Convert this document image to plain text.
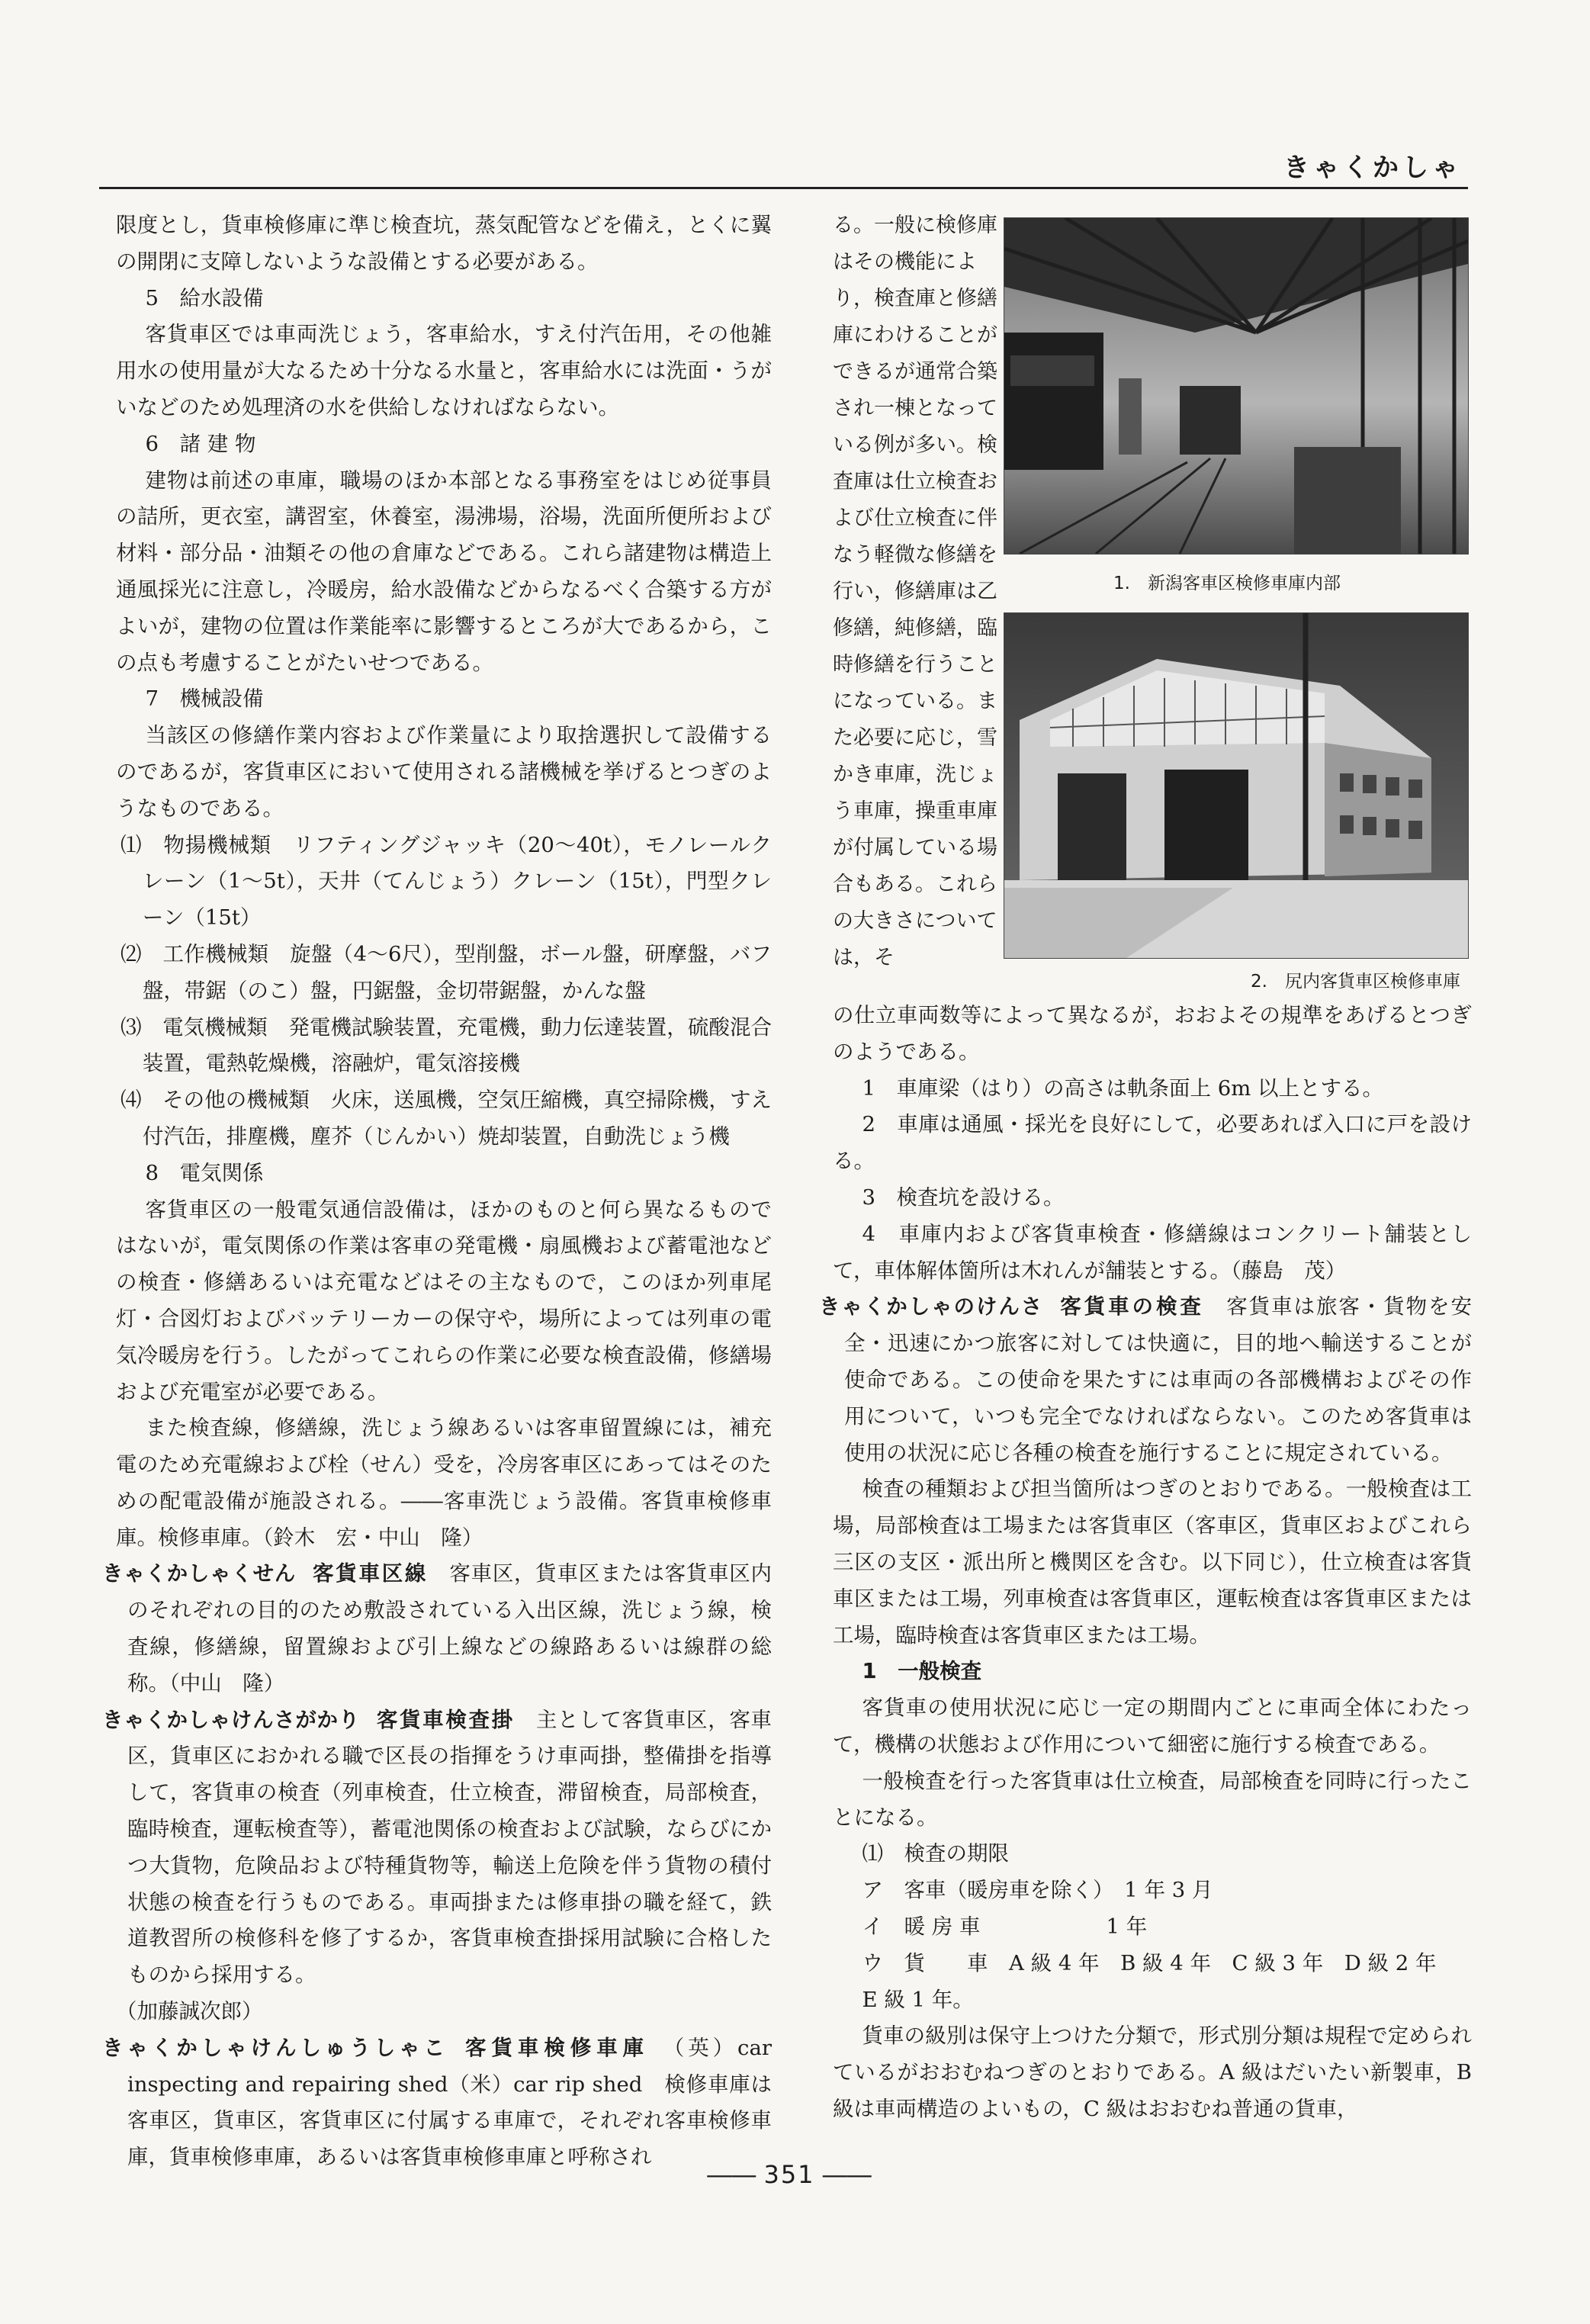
きゃくかしゃ

限度とし，貨車検修庫に準じ検査坑，蒸気配管などを備え，とくに翼の開閉に支障しないような設備とする必要がある。

5　給水設備

客貨車区では車両洗じょう，客車給水，すえ付汽缶用，その他雑用水の使用量が大なるため十分なる水量と，客車給水には洗面・うがいなどのため処理済の水を供給しなければならない。

6　諸 建 物

建物は前述の車庫，職場のほか本部となる事務室をはじめ従事員の詰所，更衣室，講習室，休養室，湯沸場，浴場，洗面所便所および材料・部分品・油類その他の倉庫などである。これら諸建物は構造上通風採光に注意し，冷暖房，給水設備などからなるべく合築する方がよいが，建物の位置は作業能率に影響するところが大であるから，この点も考慮することがたいせつである。

7　機械設備

当該区の修繕作業内容および作業量により取捨選択して設備するのであるが，客貨車区において使用される諸機械を挙げるとつぎのようなものである。

⑴　物揚機械類　リフティングジャッキ（20～40t），モノレールクレーン（1～5t），天井（てんじょう）クレーン（15t），門型クレーン（15t）

⑵　工作機械類　旋盤（4～6尺），型削盤，ボール盤，研摩盤，バフ盤，帯鋸（のこ）盤，円鋸盤，金切帯鋸盤，かんな盤

⑶　電気機械類　発電機試験装置，充電機，動力伝達装置，硫酸混合装置，電熱乾燥機，溶融炉，電気溶接機

⑷　その他の機械類　火床，送風機，空気圧縮機，真空掃除機，すえ付汽缶，排塵機，塵芥（じんかい）焼却装置，自動洗じょう機

8　電気関係

客貨車区の一般電気通信設備は，ほかのものと何ら異なるものではないが，電気関係の作業は客車の発電機・扇風機および蓄電池などの検査・修繕あるいは充電などはその主なもので，このほか列車尾灯・合図灯およびバッテリーカーの保守や，場所によっては列車の電気冷暖房を行う。したがってこれらの作業に必要な検査設備，修繕場および充電室が必要である。

また検査線，修繕線，洗じょう線あるいは客車留置線には，補充電のため充電線および栓（せん）受を，冷房客車区にあってはそのための配電設備が施設される。――客車洗じょう設備。客貨車検修車庫。検修車庫。（鈴木　宏・中山　隆）

きゃくかしゃくせん 客貨車区線　客車区，貨車区または客貨車区内のそれぞれの目的のため敷設されている入出区線，洗じょう線，検査線，修繕線，留置線および引上線などの線路あるいは線群の総称。（中山　隆）

きゃくかしゃけんさがかり 客貨車検査掛　主として客貨車区，客車区，貨車区におかれる職で区長の指揮をうけ車両掛，整備掛を指導して，客貨車の検査（列車検査，仕立検査，滞留検査，局部検査，臨時検査，運転検査等），蓄電池関係の検査および試験，ならびにかつ大貨物，危険品および特種貨物等，輸送上危険を伴う貨物の積付状態の検査を行うものである。車両掛または修車掛の職を経て，鉄道教習所の検修科を修了するか，客貨車検査掛採用試験に合格したものから採用する。

（加藤誠次郎）

きゃくかしゃけんしゅうしゃこ 客貨車検修車庫　（英）car inspecting and repairing shed（米）car rip shed　検修車庫は客車区，貨車区，客貨車区に付属する車庫で，それぞれ客車検修車庫，貨車検修車庫，あるいは客貨車検修車庫と呼称され

る。一般に検修庫はその機能により，検査庫と修繕庫にわけることができるが通常合築され一棟となっている例が多い。検査庫は仕立検査および仕立検査に伴なう軽微な修繕を行い，修繕庫は乙修繕，純修繕，臨時修繕を行うことになっている。また必要に応じ，雪かき車庫，洗じょう車庫，操重車庫が付属している場合もある。これらの大きさについては，そ

1.　新潟客車区検修車庫内部
2.　尻内客貨車区検修車庫

の仕立車両数等によって異なるが，おおよその規準をあげるとつぎのようである。

1　車庫梁（はり）の高さは軌条面上 6m 以上とする。

2　車庫は通風・採光を良好にして，必要あれば入口に戸を設ける。

3　検査坑を設ける。

4　車庫内および客貨車検査・修繕線はコンクリート舗装として，車体解体箇所は木れんが舗装とする。（藤島　茂）

きゃくかしゃのけんさ 客貨車の検査　客貨車は旅客・貨物を安全・迅速にかつ旅客に対しては快適に，目的地へ輸送することが使命である。この使命を果たすには車両の各部機構およびその作用について，いつも完全でなければならない。このため客貨車は使用の状況に応じ各種の検査を施行することに規定されている。

検査の種類および担当箇所はつぎのとおりである。一般検査は工場，局部検査は工場または客貨車区（客車区，貨車区およびこれら三区の支区・派出所と機関区を含む。以下同じ），仕立検査は客貨車区または工場，列車検査は客貨車区，運転検査は客貨車区または工場，臨時検査は客貨車区または工場。

1　一般検査

客貨車の使用状況に応じ一定の期間内ごとに車両全体にわたって，機構の状態および作用について細密に施行する検査である。

一般検査を行った客貨車は仕立検査，局部検査を同時に行ったことになる。

⑴　検査の期限

ア　客車（暖房車を除く）　1 年 3 月

イ　暖 房 車　　　　　　1 年

ウ　貨　　車　A 級 4 年　B 級 4 年　C 級 3 年　D 級 2 年

E 級 1 年。

貨車の級別は保守上つけた分類で，形式別分類は規程で定められているがおおむねつぎのとおりである。A 級はだいたい新製車，B 級は車両構造のよいもの，C 級はおおむね普通の貨車，

―― 351 ――
